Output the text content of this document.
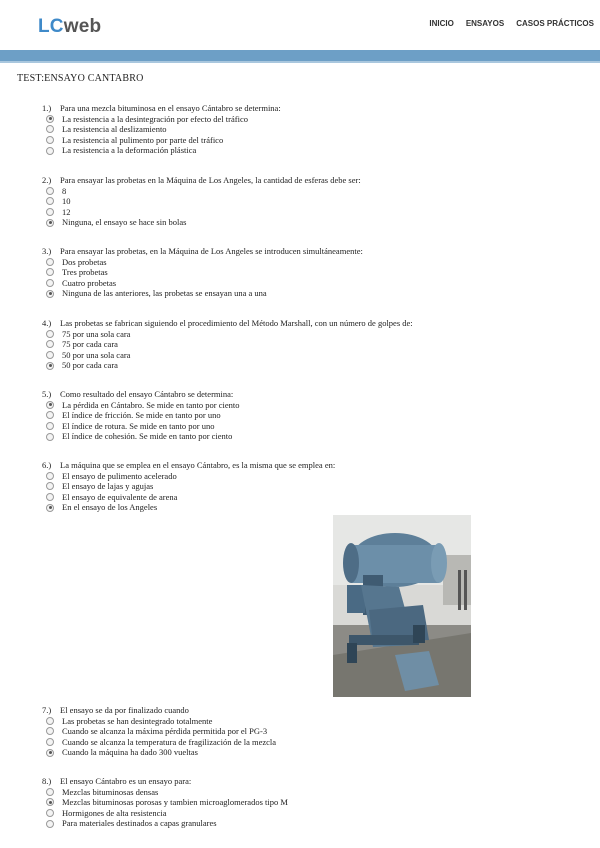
LCweb	INICIO ENSAYOS CASOS PRÁCTICOS
TEST:ENSAYO CANTABRO
1.) Para una mezcla bituminosa en el ensayo Cántabro se determina:
La resistencia a la desintegración por efecto del tráfico
La resistencia al deslizamiento
La resistencia al pulimento por parte del tráfico
La resistencia a la deformación plástica
2.) Para ensayar las probetas en la Máquina de Los Angeles, la cantidad de esferas debe ser:
8
10
12
Ninguna, el ensayo se hace sin bolas
3.) Para ensayar las probetas, en la Máquina de Los Angeles se introducen simultáneamente:
Dos probetas
Tres probetas
Cuatro probetas
Ninguna de las anteriores, las probetas se ensayan una a una
4.) Las probetas se fabrican siguiendo el procedimiento del Método Marshall, con un número de golpes de:
75 por una sola cara
75 por cada cara
50 por una sola cara
50 por cada cara
5.) Como resultado del ensayo Cántabro se determina:
La pérdida en Cántabro. Se mide en tanto por ciento
El índice de fricción. Se mide en tanto por uno
El índice de rotura. Se mide en tanto por uno
El índice de cohesión. Se mide en tanto por ciento
6.) La máquina que se emplea en el ensayo Cántabro, es la misma que se emplea en:
El ensayo de pulimento acelerado
El ensayo de lajas y agujas
El ensayo de equivalente de arena
En el ensayo de los Angeles
7.) El ensayo se da por finalizado cuando
Las probetas se han desintegrado totalmente
Cuando se alcanza la máxima pérdida permitida por el PG-3
Cuando se alcanza la temperatura de fragilización de la mezcla
Cuando la máquina ha dado 300 vueltas
8.) El ensayo Cántabro es un ensayo para:
Mezclas bituminosas densas
Mezclas bituminosas porosas y tambien microaglomerados tipo M
Hormigones de alta resistencia
Para materiales destinados a capas granulares
